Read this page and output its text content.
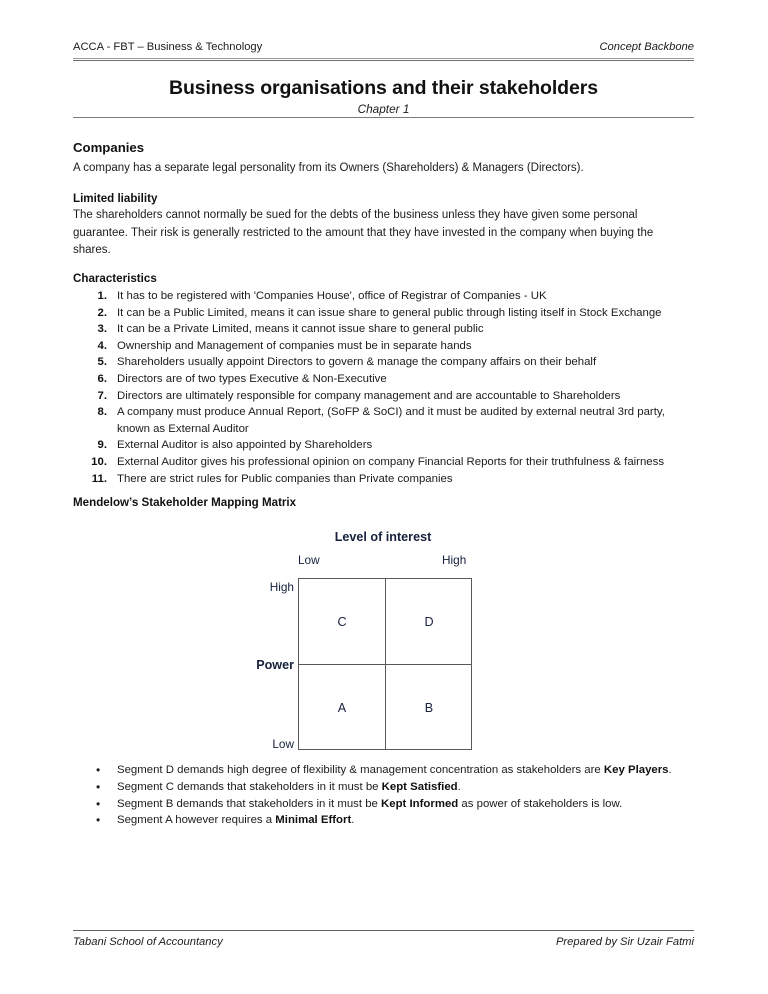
ACCA - FBT – Business & Technology	Concept Backbone
Business organisations and their stakeholders
Chapter 1
Companies
A company has a separate legal personality from its Owners (Shareholders) & Managers (Directors).
Limited liability
The shareholders cannot normally be sued for the debts of the business unless they have given some personal guarantee. Their risk is generally restricted to the amount that they have invested in the company when buying the shares.
Characteristics
1. It has to be registered with 'Companies House', office of Registrar of Companies - UK
2. It can be a Public Limited, means it can issue share to general public through listing itself in Stock Exchange
3. It can be a Private Limited, means it cannot issue share to general public
4. Ownership and Management of companies must be in separate hands
5. Shareholders usually appoint Directors to govern & manage the company affairs on their behalf
6. Directors are of two types Executive & Non-Executive
7. Directors are ultimately responsible for company management and are accountable to Shareholders
8. A company must produce Annual Report, (SoFP & SoCI) and it must be audited by external neutral 3rd party, known as External Auditor
9. External Auditor is also appointed by Shareholders
10. External Auditor gives his professional opinion on company Financial Reports for their truthfulness & fairness
11. There are strict rules for Public companies than Private companies
Mendelow’s Stakeholder Mapping Matrix
Level of interest
Low	High
High
Low
Power
C	D
A	B
• Segment D demands high degree of flexibility & management concentration as stakeholders are Key Players.
• Segment C demands that stakeholders in it must be Kept Satisfied.
• Segment B demands that stakeholders in it must be Kept Informed as power of stakeholders is low.
• Segment A however requires a Minimal Effort.
Tabani School of Accountancy	Prepared by Sir Uzair Fatmi
